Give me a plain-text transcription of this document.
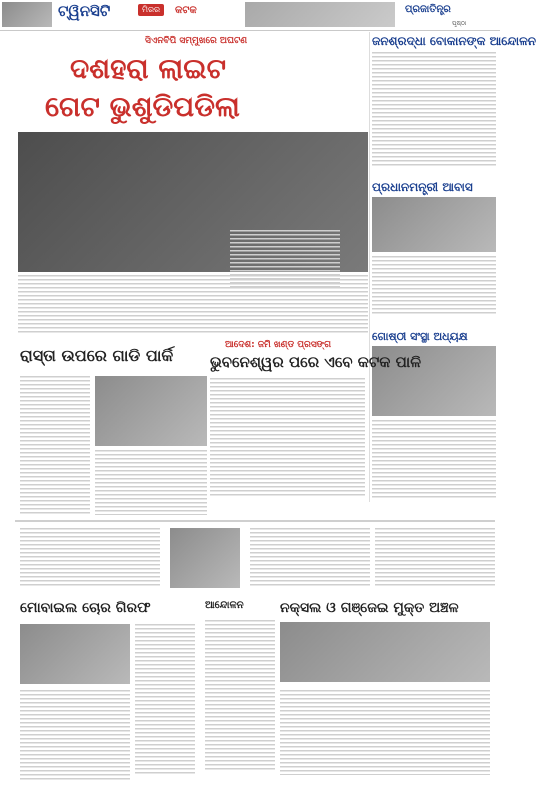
ଟ୍ୱିନସିଟି	ମିରର	କଟକ	ପ୍ରଜାତିନ୍ତ୍ର
ପୃଷ୍ଠା
ସିଏନବିପି ସମ୍ମୁଖରେ ଅଘଟଣ
ଦଶହରା ଲାଇଟ
ଗେଟ ଭୁଶୁଡିପଡିଲା
ଜନଶ୍ରଦ୍ଧା ବୋକାନଙ୍କ ଆନ୍ଦୋଳନ
ପ୍ରଧାନମନ୍ତ୍ରୀ ଆବାସ
ଗୋଷ୍ଠୀ ସଂସ୍ଥା ଅଧ୍ୟକ୍ଷ
ରାସ୍ତା ଉପରେ ଗାଡି ପାର୍କି
ଆଦେଶ: ଜମି ଖଣ୍ଡ ପ୍ରସଙ୍ଗ
ଭୁବନେଶ୍ୱର ପରେ ଏବେ କଟକ ପାଳି
ମୋବାଇଲ ଚୋର ଗିରଫ	ଆନ୍ଦୋଳନ	ନକ୍ସଲ ଓ ଗଞ୍ଜେଇ ମୁକ୍ତ ଅଞ୍ଚଳ
